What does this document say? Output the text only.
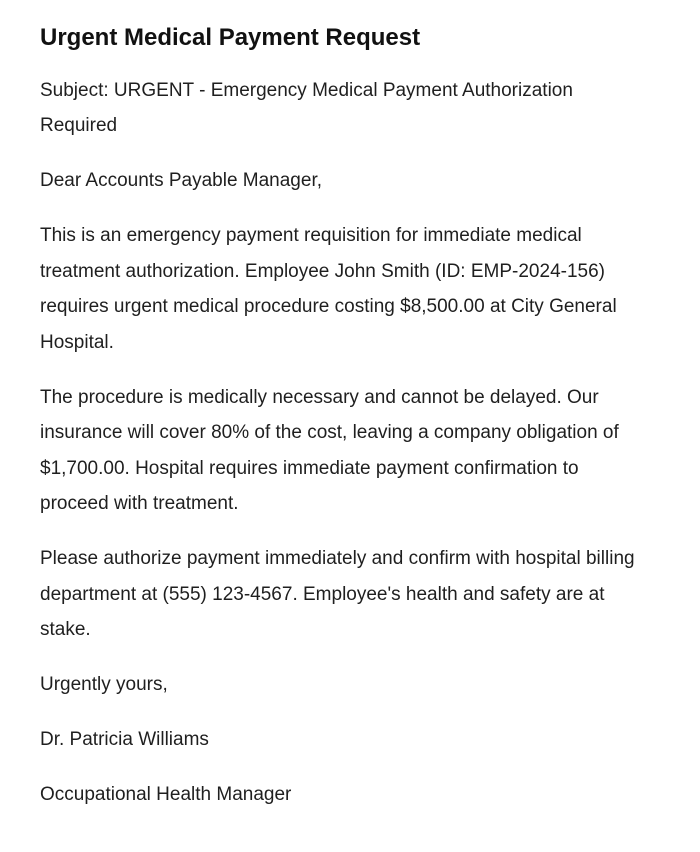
Urgent Medical Payment Request

Subject: URGENT - Emergency Medical Payment Authorization Required

Dear Accounts Payable Manager,

This is an emergency payment requisition for immediate medical treatment authorization. Employee John Smith (ID: EMP-2024-156) requires urgent medical procedure costing $8,500.00 at City General Hospital.

The procedure is medically necessary and cannot be delayed. Our insurance will cover 80% of the cost, leaving a company obligation of $1,700.00. Hospital requires immediate payment confirmation to proceed with treatment.

Please authorize payment immediately and confirm with hospital billing department at (555) 123-4567. Employee's health and safety are at stake.

Urgently yours,

Dr. Patricia Williams

Occupational Health Manager
